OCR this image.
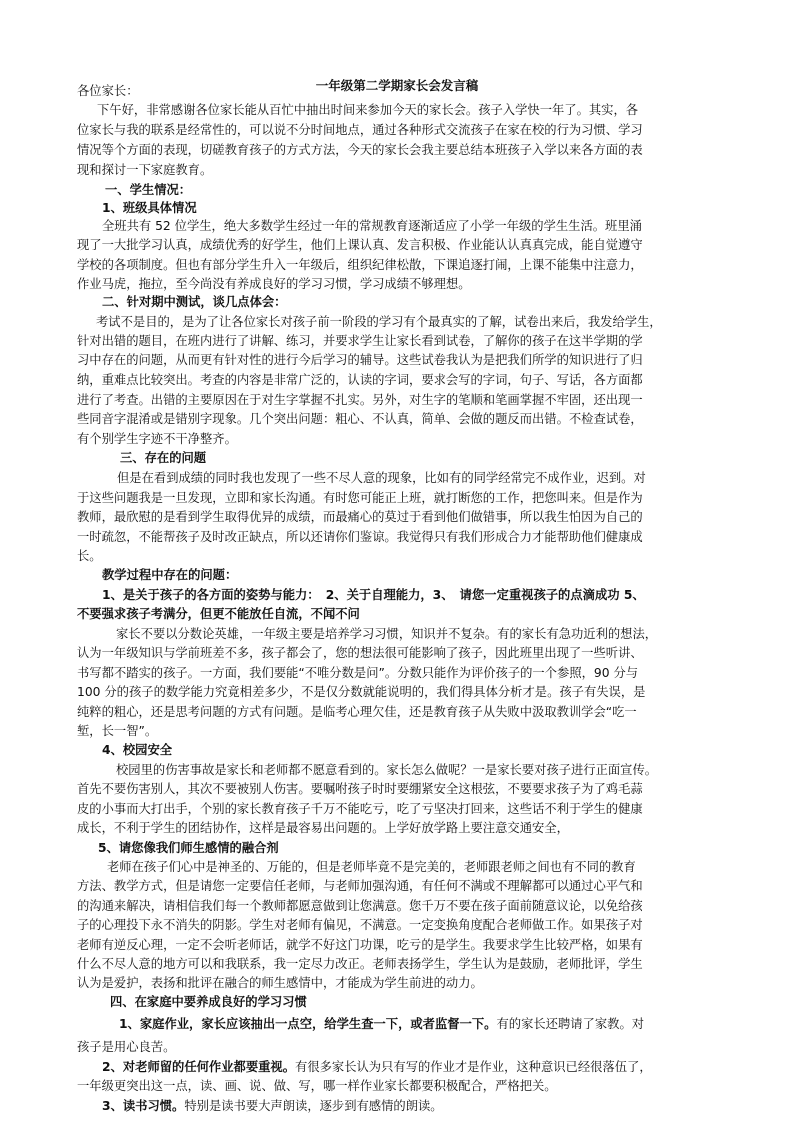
一年级第二学期家长会发言稿
各位家长：
下午好，非常感谢各位家长能从百忙中抽出时间来参加今天的家长会。孩子入学快一年了。其实，各
位家长与我的联系是经常性的，可以说不分时间地点，通过各种形式交流孩子在家在校的行为习惯、学习
情况等个方面的表现，切磋教育孩子的方式方法，今天的家长会我主要总结本班孩子入学以来各方面的表
现和探讨一下家庭教育。
一、学生情况：
1、班级具体情况
全班共有 52 位学生，绝大多数学生经过一年的常规教育逐渐适应了小学一年级的学生生活。班里涌
现了一大批学习认真，成绩优秀的好学生，他们上课认真、发言积极、作业能认认真真完成，能自觉遵守
学校的各项制度。但也有部分学生升入一年级后，组织纪律松散，下课追逐打闹，上课不能集中注意力，
作业马虎，拖拉，至今尚没有养成良好的学习习惯，学习成绩不够理想。
二、针对期中测试，谈几点体会：
考试不是目的，是为了让各位家长对孩子前一阶段的学习有个最真实的了解，试卷出来后，我发给学生，
针对出错的题目，在班内进行了讲解、练习，并要求学生让家长看到试卷，了解你的孩子在这半学期的学
习中存在的问题，从而更有针对性的进行今后学习的辅导。这些试卷我认为是把我们所学的知识进行了归
纳，重难点比较突出。考查的内容是非常广泛的，认读的字词，要求会写的字词，句子、写话，各方面都
进行了考查。出错的主要原因在于对生字掌握不扎实。另外，对生字的笔顺和笔画掌握不牢固，还出现一
些同音字混淆或是错别字现象。几个突出问题：粗心、不认真，简单、会做的题反而出错。不检查试卷，
有个别学生字迹不干净整齐。
三、存在的问题
但是在看到成绩的同时我也发现了一些不尽人意的现象，比如有的同学经常完不成作业，迟到。对
于这些问题我是一旦发现，立即和家长沟通。有时您可能正上班，就打断您的工作，把您叫来。但是作为
教师，最欣慰的是看到学生取得优异的成绩，而最痛心的莫过于看到他们做错事，所以我生怕因为自己的
一时疏忽，不能帮孩子及时改正缺点，所以还请你们鉴谅。我觉得只有我们形成合力才能帮助他们健康成
长。
教学过程中存在的问题：
1、是关于孩子的各方面的姿势与能力：　2、关于自理能力，3、　请您一定重视孩子的点滴成功 5、
不要强求孩子考满分，但更不能放任自流，不闻不问
家长不要以分数论英雄，一年级主要是培养学习习惯，知识并不复杂。有的家长有急功近利的想法，
认为一年级知识与学前班差不多，孩子都会了，您的想法很可能影响了孩子，因此班里出现了一些听讲、
书写都不踏实的孩子。一方面，我们要能“不唯分数是问”。分数只能作为评价孩子的一个参照，90 分与
100 分的孩子的数学能力究竟相差多少，不是仅分数就能说明的，我们得具体分析才是。孩子有失误，是
纯粹的粗心，还是思考问题的方式有问题。是临考心理欠佳，还是教育孩子从失败中汲取教训学会“吃一
堑，长一智”。
4、校园安全
校园里的伤害事故是家长和老师都不愿意看到的。家长怎么做呢？一是家长要对孩子进行正面宣传。
首先不要伤害别人，其次不要被别人伤害。要嘱咐孩子时时要绷紧安全这根弦，不要要求孩子为了鸡毛蒜
皮的小事而大打出手，个别的家长教育孩子千万不能吃亏，吃了亏坚决打回来，这些话不利于学生的健康
成长，不利于学生的团结协作，这样是最容易出问题的。上学好放学路上要注意交通安全，
5、请您像我们师生感情的融合剂
老师在孩子们心中是神圣的、万能的，但是老师毕竟不是完美的，老师跟老师之间也有不同的教育
方法、教学方式，但是请您一定要信任老师，与老师加强沟通，有任何不满或不理解都可以通过心平气和
的沟通来解决，请相信我们每一个教师都愿意做到让您满意。您千万不要在孩子面前随意议论，以免给孩
子的心理投下永不消失的阴影。学生对老师有偏见，不满意。一定变换角度配合老师做工作。如果孩子对
老师有逆反心理，一定不会听老师话，就学不好这门功课，吃亏的是学生。我要求学生比较严格，如果有
什么不尽人意的地方可以和我联系，我一定尽力改正。老师表扬学生，学生认为是鼓励，老师批评，学生
认为是爱护，表扬和批评在融合的师生感情中，才能成为学生前进的动力。
四、在家庭中要养成良好的学习习惯
1、家庭作业，家长应该抽出一点空，给学生查一下，或者监督一下。有的家长还聘请了家教。对
孩子是用心良苦。
2、对老师留的任何作业都要重视。有很多家长认为只有写的作业才是作业，这种意识已经很落伍了，
一年级更突出这一点，读、画、说、做、写，哪一样作业家长都要积极配合，严格把关。
3、读书习惯。特别是读书要大声朗读，逐步到有感情的朗读。
